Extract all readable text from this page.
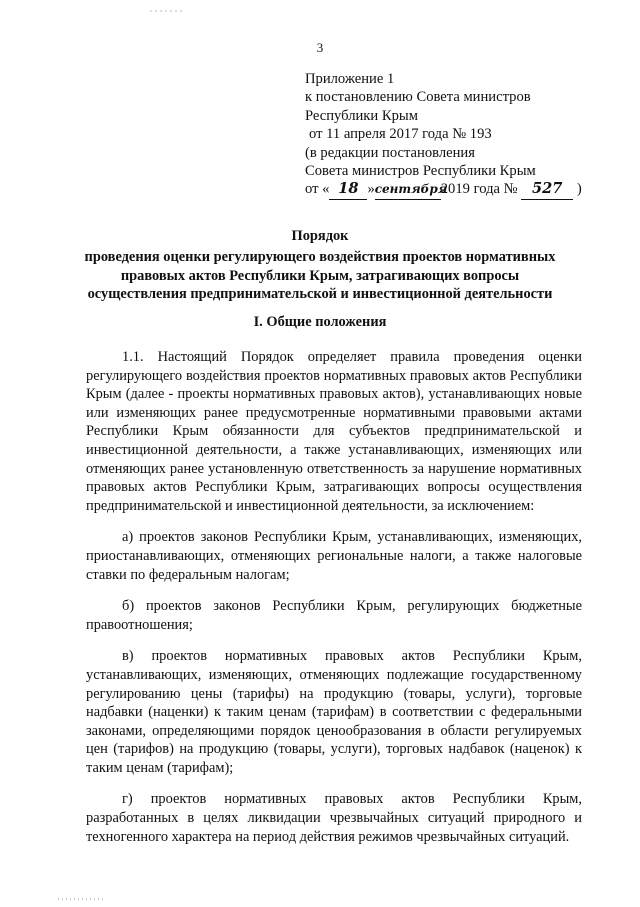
3
Приложение 1
к постановлению Совета министров
Республики Крым
от 11 апреля 2017 года № 193
(в редакции постановления
Совета министров Республики Крым
от « 18 »сентября2019 года № 527 )
Порядок
проведения оценки регулирующего воздействия проектов нормативных
правовых актов Республики Крым, затрагивающих вопросы
осуществления предпринимательской и инвестиционной деятельности
I. Общие положения

1.1. Настоящий Порядок определяет правила проведения оценки регулирующего воздействия проектов нормативных правовых актов Республики Крым (далее - проекты нормативных правовых актов), устанавливающих новые или изменяющих ранее предусмотренные нормативными правовыми актами Республики Крым обязанности для субъектов предпринимательской и инвестиционной деятельности, а также устанавливающих, изменяющих или отменяющих ранее установленную ответственность за нарушение нормативных правовых актов Республики Крым, затрагивающих вопросы осуществления предпринимательской и инвестиционной деятельности, за исключением:

а) проектов законов Республики Крым, устанавливающих, изменяющих, приостанавливающих, отменяющих региональные налоги, а также налоговые ставки по федеральным налогам;

б) проектов законов Республики Крым, регулирующих бюджетные правоотношения;

в) проектов нормативных правовых актов Республики Крым, устанавливающих, изменяющих, отменяющих подлежащие государственному регулированию цены (тарифы) на продукцию (товары, услуги), торговые надбавки (наценки) к таким ценам (тарифам) в соответствии с федеральными законами, определяющими порядок ценообразования в области регулируемых цен (тарифов) на продукцию (товары, услуги), торговых надбавок (наценок) к таким ценам (тарифам);

г) проектов нормативных правовых актов Республики Крым, разработанных в целях ликвидации чрезвычайных ситуаций природного и техногенного характера на период действия режимов чрезвычайных ситуаций.
